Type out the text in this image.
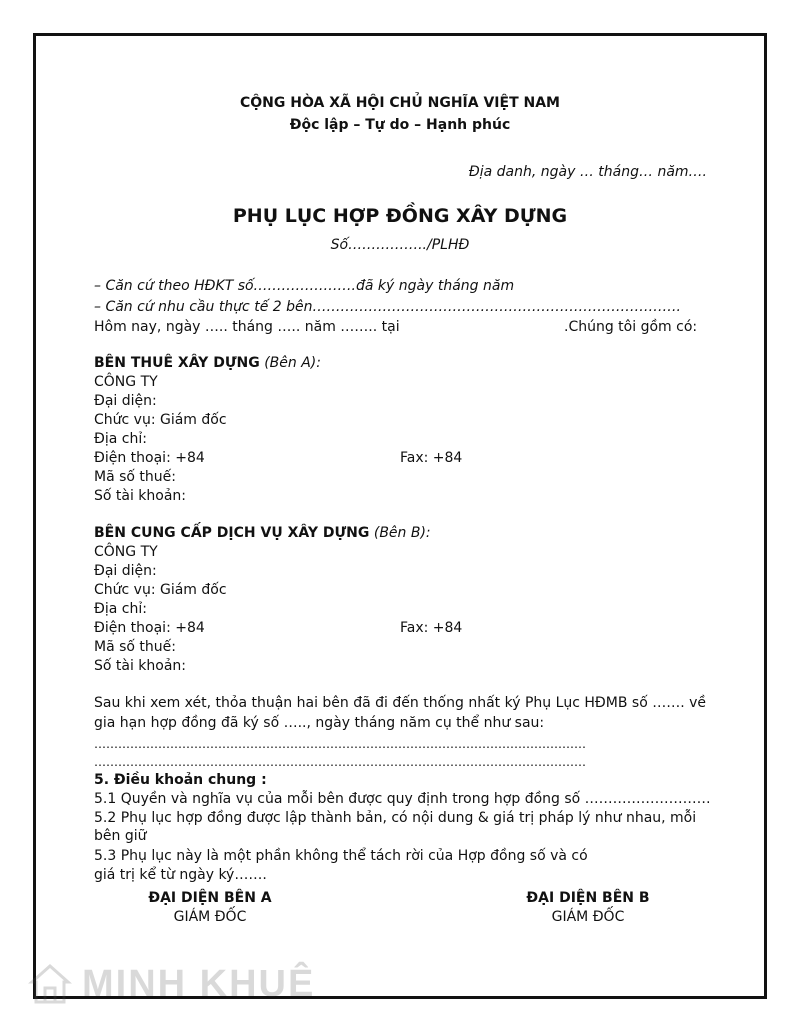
CỘNG HÒA XÃ HỘI CHỦ NGHĨA VIỆT NAM
Độc lập – Tự do – Hạnh phúc
Địa danh, ngày … tháng… năm….
PHỤ LỤC HỢP ĐỒNG XÂY DỰNG
Số……………../PLHĐ
– Căn cứ theo HĐKT số………………….đã ký ngày tháng năm
– Căn cứ nhu cầu thực tế 2 bên…………………………………………………………………….
Hôm nay, ngày ….. tháng ….. năm …….. tại	.Chúng tôi gồm có:
BÊN THUÊ XÂY DỰNG (Bên A):
CÔNG TY
Đại diện:
Chức vụ: Giám đốc
Địa chỉ:
Điện thoại: +84	Fax: +84
Mã số thuế:
Số tài khoản:
BÊN CUNG CẤP DỊCH VỤ XÂY DỰNG (Bên B):
CÔNG TY
Đại diện:
Chức vụ: Giám đốc
Địa chỉ:
Điện thoại: +84	Fax: +84
Mã số thuế:
Số tài khoản:
Sau khi xem xét, thỏa thuận hai bên đã đi đến thống nhất ký Phụ Lục HĐMB số ……. về
gia hạn hợp đồng đã ký số ….., ngày tháng năm cụ thể như sau:
……………………………………………………………………………………………………………
……………………………………………………………………………………………………………
5. Điều khoản chung :
5.1 Quyền và nghĩa vụ của mỗi bên được quy định trong hợp đồng số ………………………
5.2 Phụ lục hợp đồng được lập thành bản, có nội dung & giá trị pháp lý như nhau, mỗi
bên giữ
5.3 Phụ lục này là một phần không thể tách rời của Hợp đồng số và có
giá trị kể từ ngày ký…….
ĐẠI DIỆN BÊN A
GIÁM ĐỐC
ĐẠI DIỆN BÊN B
GIÁM ĐỐC
MINH KHUÊ
